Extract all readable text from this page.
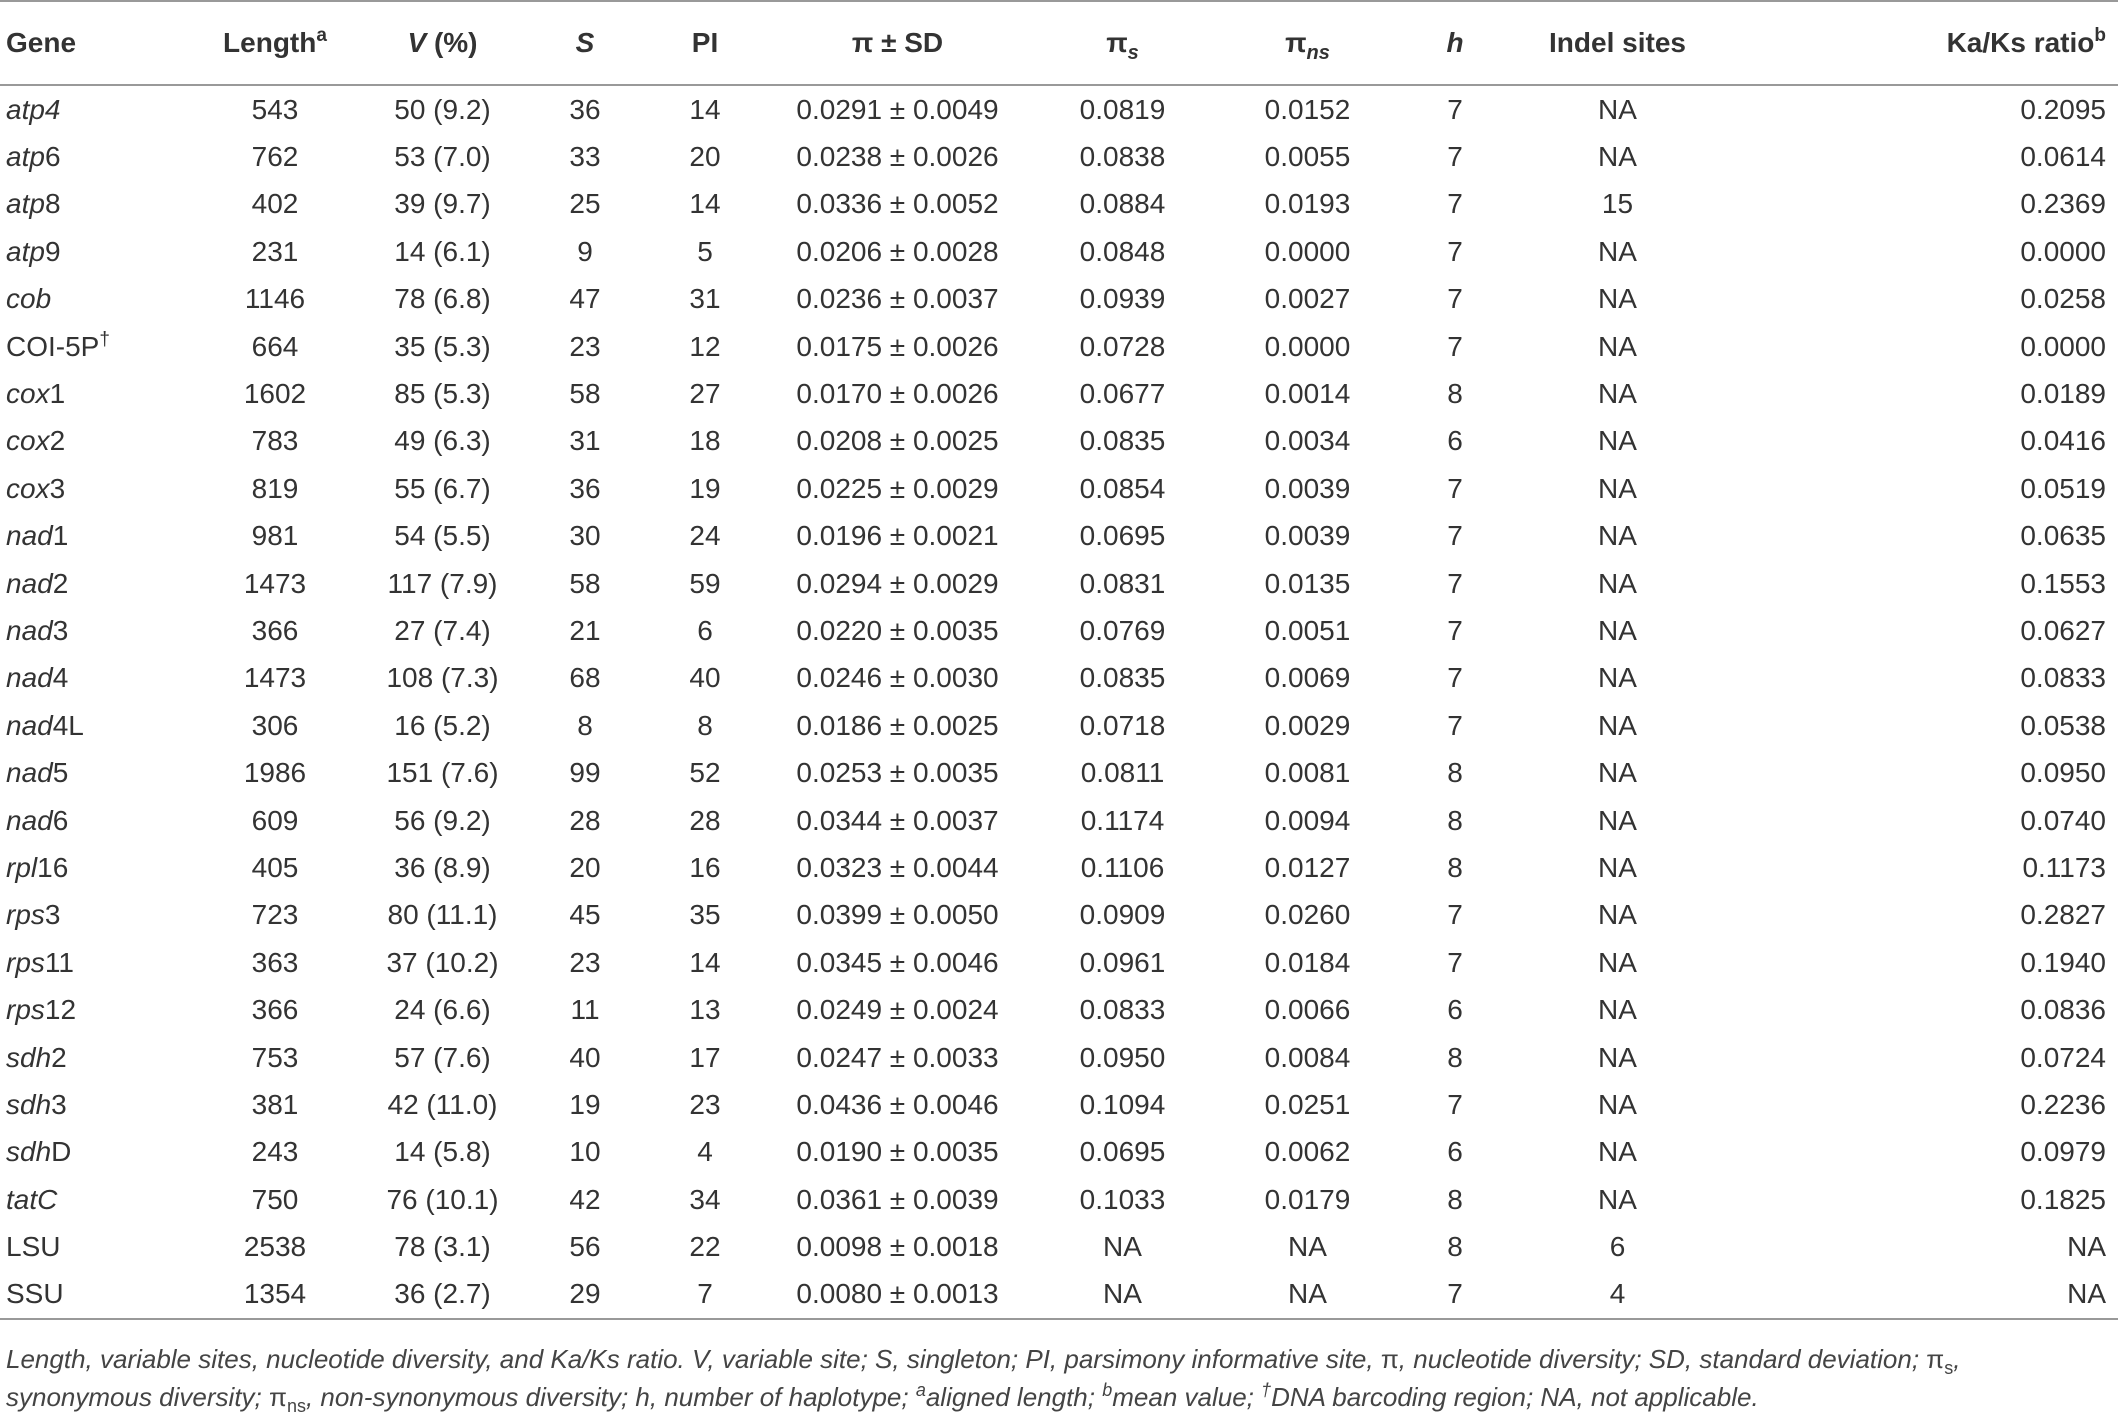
Gene	Length$^a$	V (%)	S	PI	π ± SD	$\pi_s$	$\pi_{ns}$	h	Indel sites	Ka/Ks ratio$^b$
atp4	543	50 (9.2)	36	14	0.0291 ± 0.0049	0.0819	0.0152	7	NA	0.2095
atp6	762	53 (7.0)	33	20	0.0238 ± 0.0026	0.0838	0.0055	7	NA	0.0614
atp8	402	39 (9.7)	25	14	0.0336 ± 0.0052	0.0884	0.0193	7	15	0.2369
atp9	231	14 (6.1)	9	5	0.0206 ± 0.0028	0.0848	0.0000	7	NA	0.0000
cob	1146	78 (6.8)	47	31	0.0236 ± 0.0037	0.0939	0.0027	7	NA	0.0258
COI-5P†	664	35 (5.3)	23	12	0.0175 ± 0.0026	0.0728	0.0000	7	NA	0.0000
cox1	1602	85 (5.3)	58	27	0.0170 ± 0.0026	0.0677	0.0014	8	NA	0.0189
cox2	783	49 (6.3)	31	18	0.0208 ± 0.0025	0.0835	0.0034	6	NA	0.0416
cox3	819	55 (6.7)	36	19	0.0225 ± 0.0029	0.0854	0.0039	7	NA	0.0519
nad1	981	54 (5.5)	30	24	0.0196 ± 0.0021	0.0695	0.0039	7	NA	0.0635
nad2	1473	117 (7.9)	58	59	0.0294 ± 0.0029	0.0831	0.0135	7	NA	0.1553
nad3	366	27 (7.4)	21	6	0.0220 ± 0.0035	0.0769	0.0051	7	NA	0.0627
nad4	1473	108 (7.3)	68	40	0.0246 ± 0.0030	0.0835	0.0069	7	NA	0.0833
nad4L	306	16 (5.2)	8	8	0.0186 ± 0.0025	0.0718	0.0029	7	NA	0.0538
nad5	1986	151 (7.6)	99	52	0.0253 ± 0.0035	0.0811	0.0081	8	NA	0.0950
nad6	609	56 (9.2)	28	28	0.0344 ± 0.0037	0.1174	0.0094	8	NA	0.0740
rpl16	405	36 (8.9)	20	16	0.0323 ± 0.0044	0.1106	0.0127	8	NA	0.1173
rps3	723	80 (11.1)	45	35	0.0399 ± 0.0050	0.0909	0.0260	7	NA	0.2827
rps11	363	37 (10.2)	23	14	0.0345 ± 0.0046	0.0961	0.0184	7	NA	0.1940
rps12	366	24 (6.6)	11	13	0.0249 ± 0.0024	0.0833	0.0066	6	NA	0.0836
sdh2	753	57 (7.6)	40	17	0.0247 ± 0.0033	0.0950	0.0084	8	NA	0.0724
sdh3	381	42 (11.0)	19	23	0.0436 ± 0.0046	0.1094	0.0251	7	NA	0.2236
sdhD	243	14 (5.8)	10	4	0.0190 ± 0.0035	0.0695	0.0062	6	NA	0.0979
tatC	750	76 (10.1)	42	34	0.0361 ± 0.0039	0.1033	0.0179	8	NA	0.1825
LSU	2538	78 (3.1)	56	22	0.0098 ± 0.0018	NA	NA	8	6	NA
SSU	1354	36 (2.7)	29	7	0.0080 ± 0.0013	NA	NA	7	4	NA
Length, variable sites, nucleotide diversity, and Ka/Ks ratio. V, variable site; S, singleton; PI, parsimony informative site, π, nucleotide diversity; SD, standard deviation; $\pi_s$, synonymous diversity; $\pi_{ns}$, non-synonymous diversity; h, number of haplotype; $^a$aligned length; $^b$mean value; †DNA barcoding region; NA, not applicable.
